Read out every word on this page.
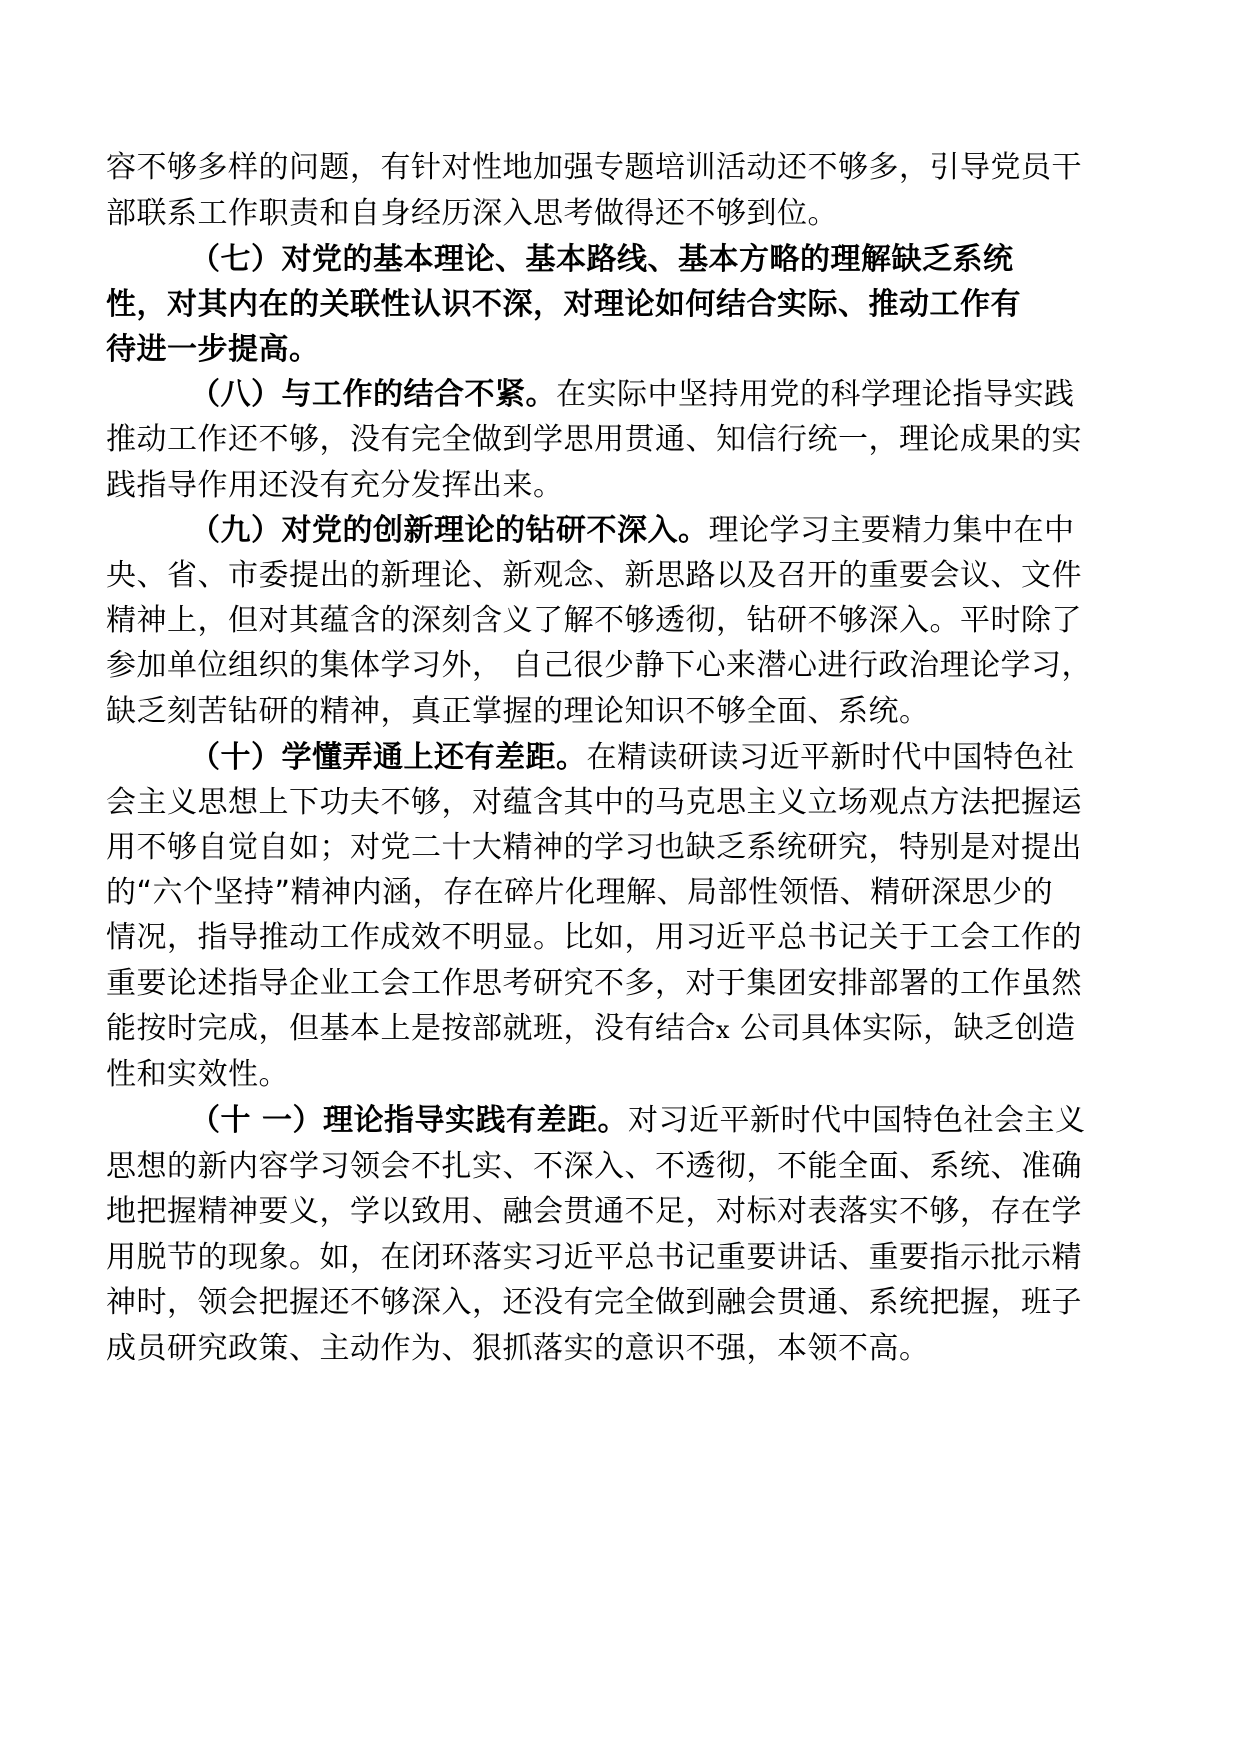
容不够多样的问题，有针对性地加强专题培训活动还不够多，引导党员干
部联系工作职责和自身经历深入思考做得还不够到位。
（七）对党的基本理论、基本路线、基本方略的理解缺乏系统
性，对其内在的关联性认识不深，对理论如何结合实际、推动工作有
待进一步提高。
（八）与工作的结合不紧。在实际中坚持用党的科学理论指导实践
推动工作还不够，没有完全做到学思用贯通、知信行统一，理论成果的实
践指导作用还没有充分发挥出来。
（九）对党的创新理论的钻研不深入。理论学习主要精力集中在中
央、省、市委提出的新理论、新观念、新思路以及召开的重要会议、文件
精神上，但对其蕴含的深刻含义了解不够透彻，钻研不够深入。平时除了
参加单位组织的集体学习外， 自己很少静下心来潜心进行政治理论学习，
缺乏刻苦钻研的精神，真正掌握的理论知识不够全面、系统。
（十）学懂弄通上还有差距。在精读研读习近平新时代中国特色社
会主义思想上下功夫不够，对蕴含其中的马克思主义立场观点方法把握运
用不够自觉自如；对党二十大精神的学习也缺乏系统研究，特别是对提出
的“六个坚持”精神内涵，存在碎片化理解、局部性领悟、精研深思少的
情况，指导推动工作成效不明显。比如，用习近平总书记关于工会工作的
重要论述指导企业工会工作思考研究不多，对于集团安排部署的工作虽然
能按时完成，但基本上是按部就班，没有结合x 公司具体实际，缺乏创造
性和实效性。
（十 一）理论指导实践有差距。对习近平新时代中国特色社会主义
思想的新内容学习领会不扎实、不深入、不透彻，不能全面、系统、准确
地把握精神要义，学以致用、融会贯通不足，对标对表落实不够，存在学
用脱节的现象。如，在闭环落实习近平总书记重要讲话、重要指示批示精
神时，领会把握还不够深入，还没有完全做到融会贯通、系统把握，班子
成员研究政策、主动作为、狠抓落实的意识不强，本领不高。
